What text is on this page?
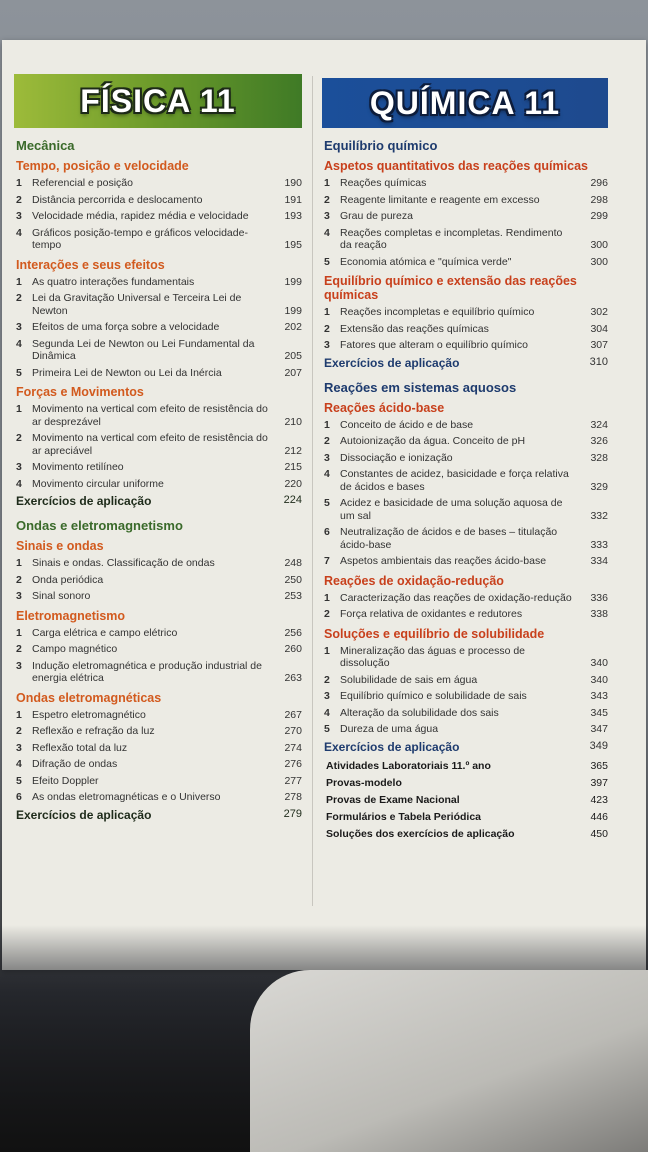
FÍSICA 11
Mecânica
Tempo, posição e velocidade
1 Referencial e posição	190
2 Distância percorrida e deslocamento	191
3 Velocidade média, rapidez média e velocidade	193
4 Gráficos posição-tempo e gráficos velocidade-tempo	195
Interações e seus efeitos
1 As quatro interações fundamentais	199
2 Lei da Gravitação Universal e Terceira Lei de Newton	199
3 Efeitos de uma força sobre a velocidade	202
4 Segunda Lei de Newton ou Lei Fundamental da Dinâmica	205
5 Primeira Lei de Newton ou Lei da Inércia	207
Forças e Movimentos
1 Movimento na vertical com efeito de resistência do ar desprezável	210
2 Movimento na vertical com efeito de resistência do ar apreciável	212
3 Movimento retilíneo	215
4 Movimento circular uniforme	220
Exercícios de aplicação	224
Ondas e eletromagnetismo
Sinais e ondas
1 Sinais e ondas. Classificação de ondas	248
2 Onda periódica	250
3 Sinal sonoro	253
Eletromagnetismo
1 Carga elétrica e campo elétrico	256
2 Campo magnético	260
3 Indução eletromagnética e produção industrial de energia elétrica	263
Ondas eletromagnéticas
1 Espetro eletromagnético	267
2 Reflexão e refração da luz	270
3 Reflexão total da luz	274
4 Difração de ondas	276
5 Efeito Doppler	277
6 As ondas eletromagnéticas e o Universo	278
Exercícios de aplicação	279
QUÍMICA 11
Equilíbrio químico
Aspetos quantitativos das reações químicas
1 Reações químicas	296
2 Reagente limitante e reagente em excesso	298
3 Grau de pureza	299
4 Reações completas e incompletas. Rendimento da reação	300
5 Economia atómica e "química verde"	300
Equilíbrio químico e extensão das reações químicas
1 Reações incompletas e equilíbrio químico	302
2 Extensão das reações químicas	304
3 Fatores que alteram o equilíbrio químico	307
Exercícios de aplicação	310
Reações em sistemas aquosos
Reações ácido-base
1 Conceito de ácido e de base	324
2 Autoionização da água. Conceito de pH	326
3 Dissociação e ionização	328
4 Constantes de acidez, basicidade e força relativa de ácidos e bases	329
5 Acidez e basicidade de uma solução aquosa de um sal	332
6 Neutralização de ácidos e de bases – titulação ácido-base	333
7 Aspetos ambientais das reações ácido-base	334
Reações de oxidação-redução
1 Caracterização das reações de oxidação-redução	336
2 Força relativa de oxidantes e redutores	338
Soluções e equilíbrio de solubilidade
1 Mineralização das águas e processo de dissolução	340
2 Solubilidade de sais em água	340
3 Equilíbrio químico e solubilidade de sais	343
4 Alteração da solubilidade dos sais	345
5 Dureza de uma água	347
Exercícios de aplicação	349
Atividades Laboratoriais 11.º ano	365
Provas-modelo	397
Provas de Exame Nacional	423
Formulários e Tabela Periódica	446
Soluções dos exercícios de aplicação	450
